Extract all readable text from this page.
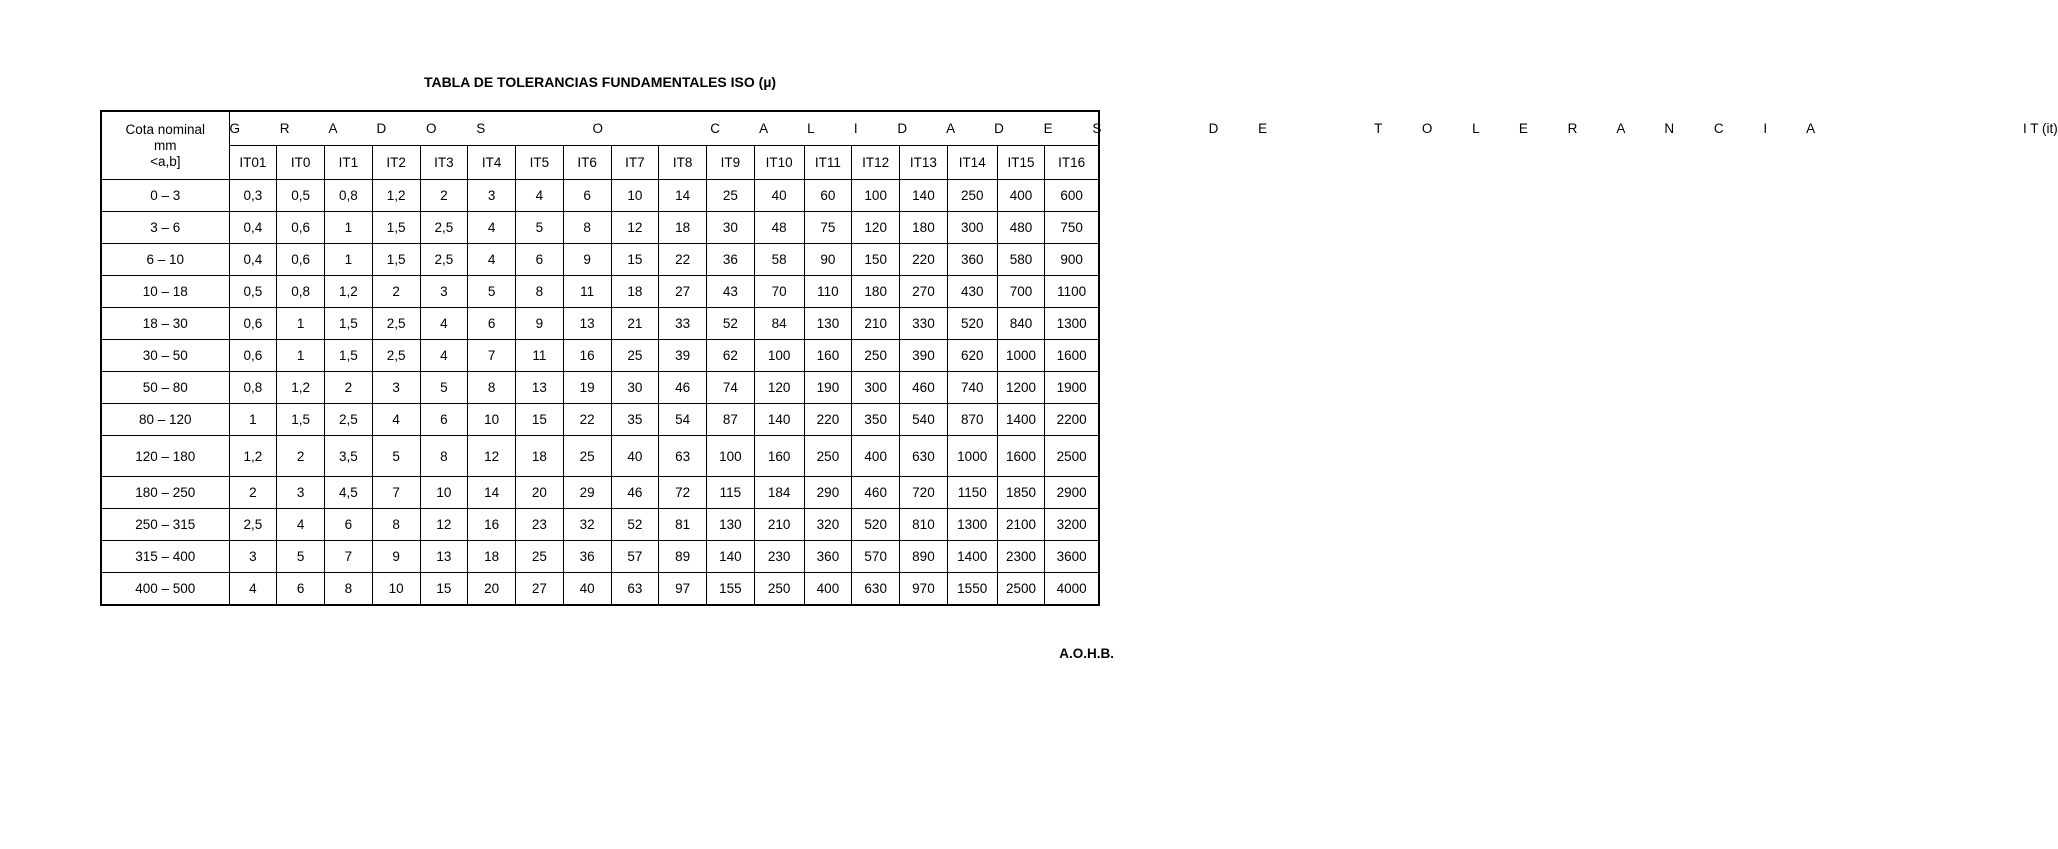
TABLA DE TOLERANCIAS FUNDAMENTALES ISO (µ)
Cota nominal
mm
<a,b]	G R A D O S   O   C A L I D A D E S   D E   T O L E R A N C I A I T (it)																	
	IT01	IT0	IT1	IT2	IT3	IT4	IT5	IT6	IT7	IT8	IT9	IT10	IT11	IT12	IT13	IT14	IT15	IT16
0 – 3	0,3	0,5	0,8	1,2	2	3	4	6	10	14	25	40	60	100	140	250	400	600
3 – 6	0,4	0,6	1	1,5	2,5	4	5	8	12	18	30	48	75	120	180	300	480	750
6 – 10	0,4	0,6	1	1,5	2,5	4	6	9	15	22	36	58	90	150	220	360	580	900
10 – 18	0,5	0,8	1,2	2	3	5	8	11	18	27	43	70	110	180	270	430	700	1100
18 – 30	0,6	1	1,5	2,5	4	6	9	13	21	33	52	84	130	210	330	520	840	1300
30 – 50	0,6	1	1,5	2,5	4	7	11	16	25	39	62	100	160	250	390	620	1000	1600
50 – 80	0,8	1,2	2	3	5	8	13	19	30	46	74	120	190	300	460	740	1200	1900
80 – 120	1	1,5	2,5	4	6	10	15	22	35	54	87	140	220	350	540	870	1400	2200
120 – 180	1,2	2	3,5	5	8	12	18	25	40	63	100	160	250	400	630	1000	1600	2500
180 – 250	2	3	4,5	7	10	14	20	29	46	72	115	184	290	460	720	1150	1850	2900
250 – 315	2,5	4	6	8	12	16	23	32	52	81	130	210	320	520	810	1300	2100	3200
315 – 400	3	5	7	9	13	18	25	36	57	89	140	230	360	570	890	1400	2300	3600
400 – 500	4	6	8	10	15	20	27	40	63	97	155	250	400	630	970	1550	2500	4000
A.O.H.B.
